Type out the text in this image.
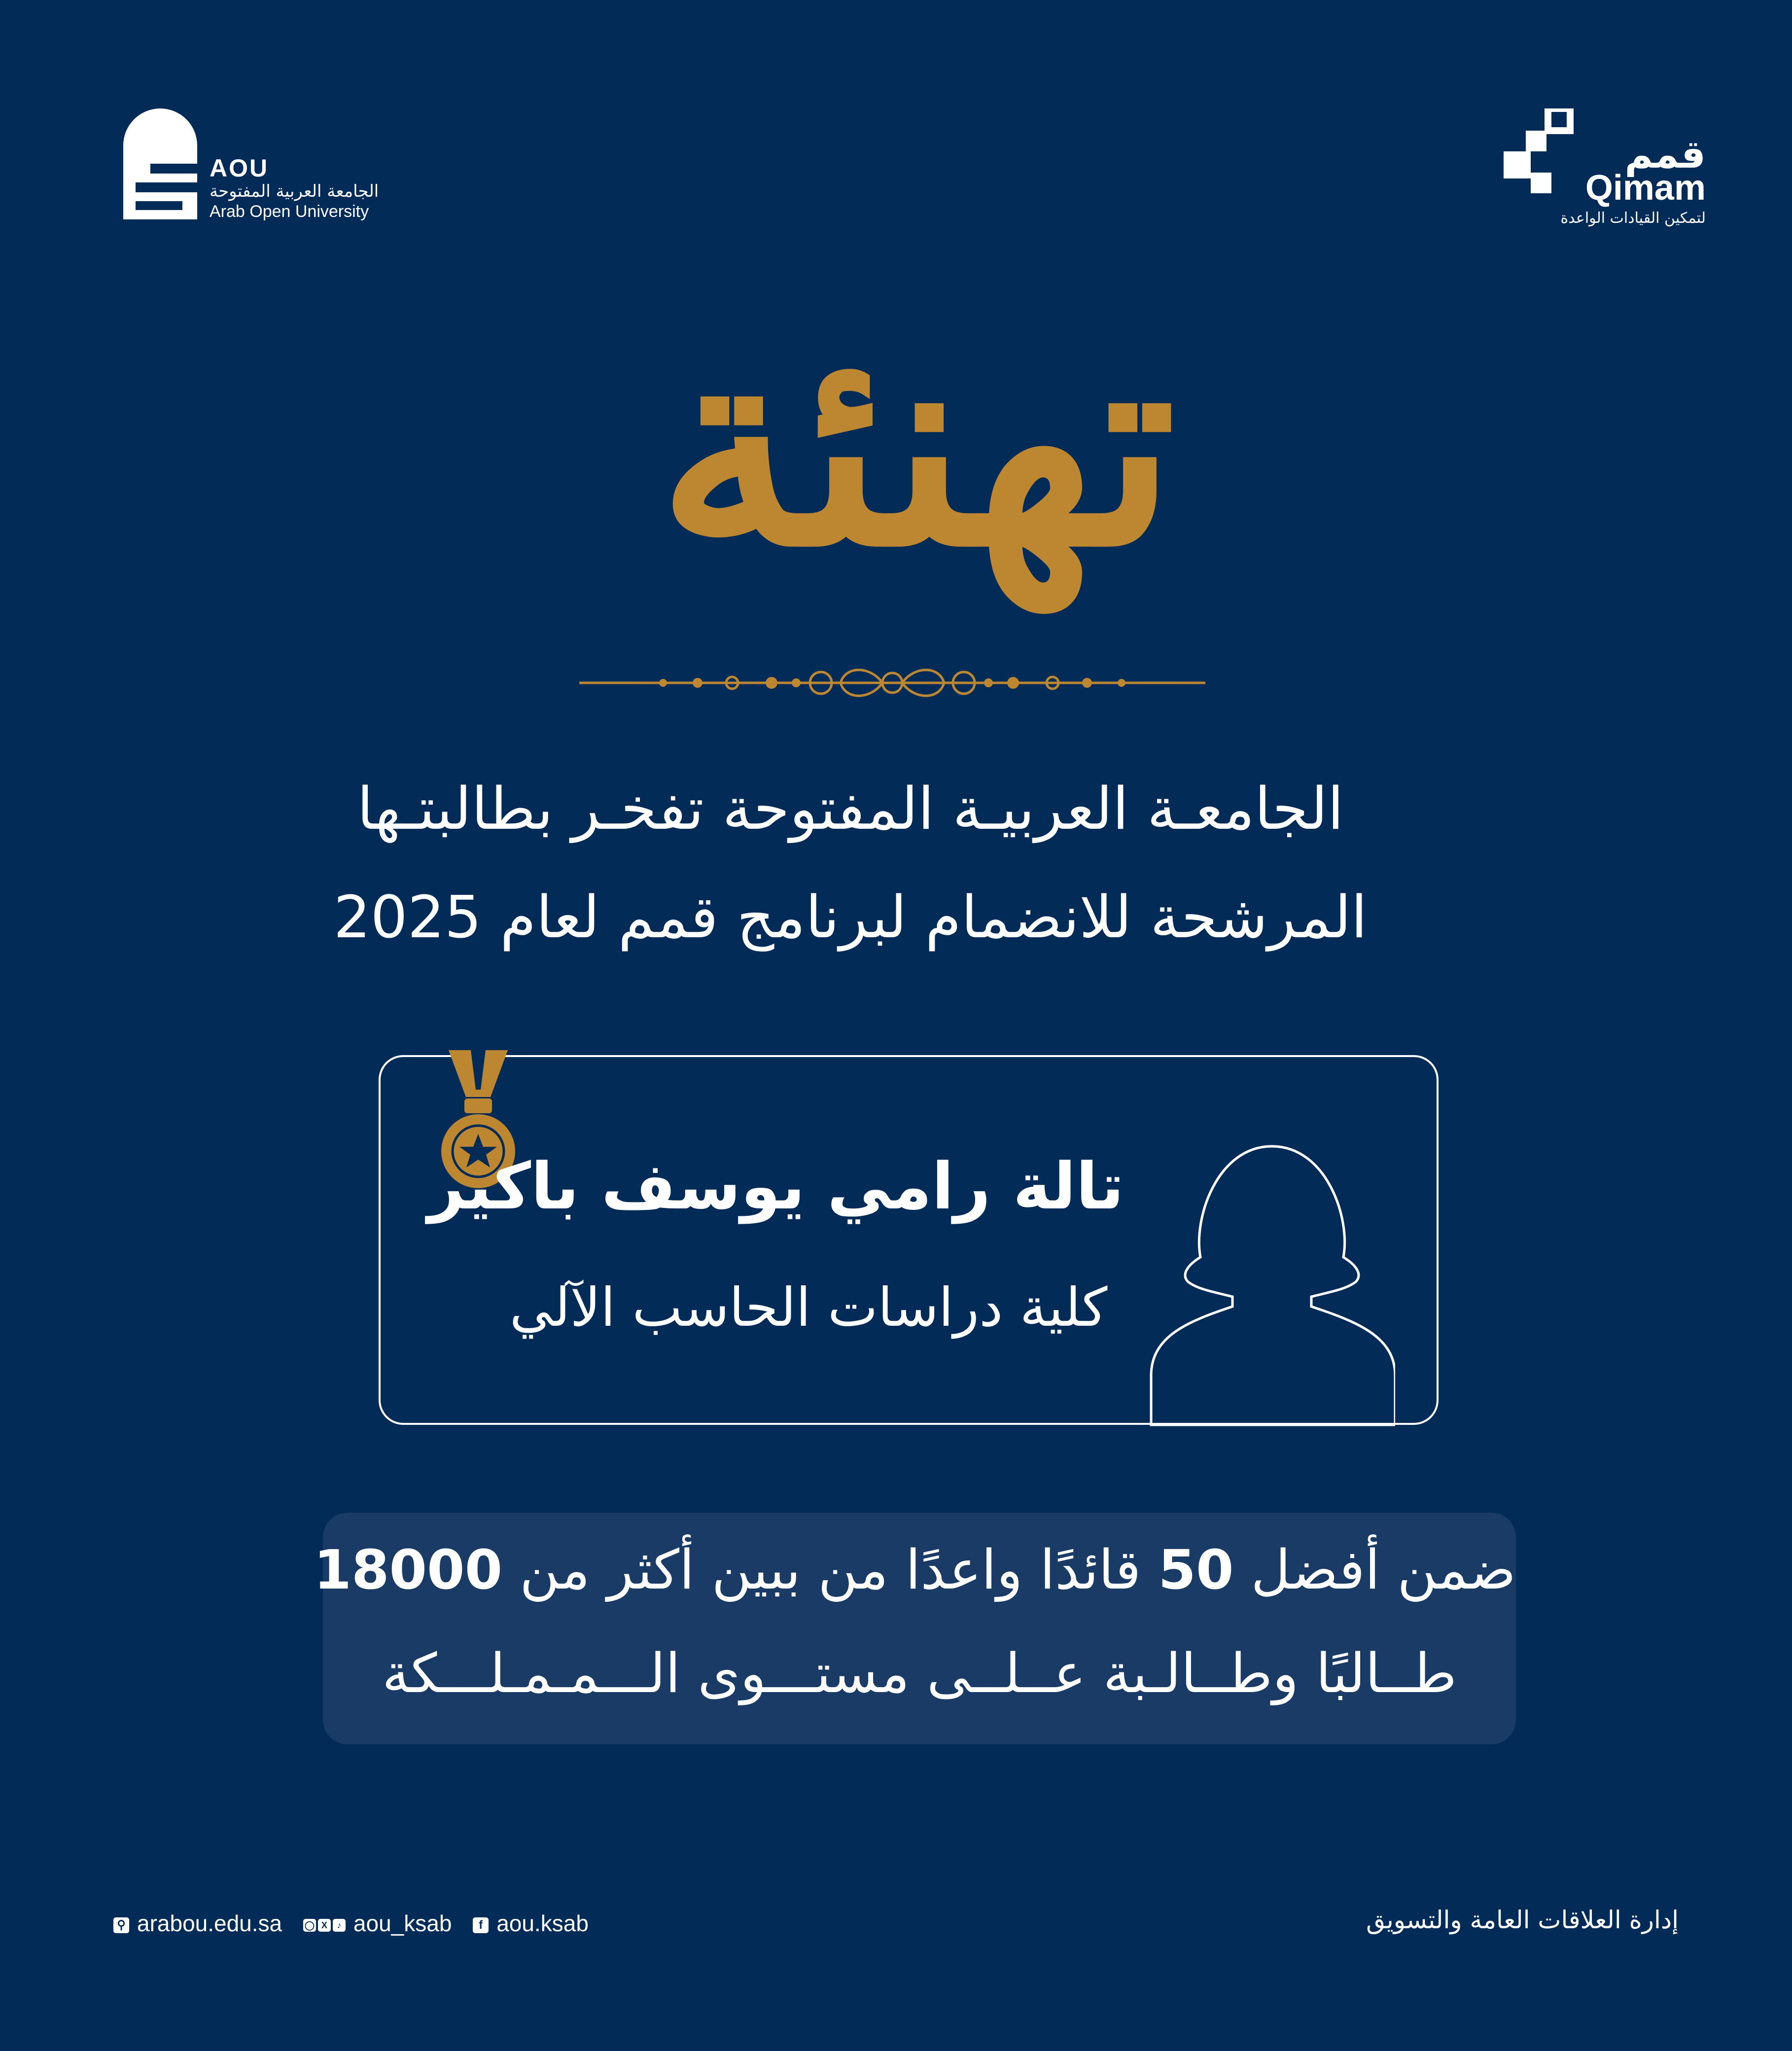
AOU
الجامعة العربية المفتوحة
Arab Open University
قمم
Qimam
لتمكين القيادات الواعدة
تهنئة
الجامعـة العربيـة المفتوحة تفخـر بطالبتـها
المرشحة للانضمام لبرنامج قمم لعام 2025
تالة رامي يوسف باكير
كلية دراسات الحاسب الآلي
ضمن أفضل 50 قائدًا واعدًا من ببين أكثر من 18000
طــالبًا وطــالـبة عــلــى مستـــوى الـــمـمـلـــكة
⚲ arabou.edu.sa	◯ X ♪ aou_ksab f aou.ksab	إدارة العلاقات العامة والتسويق
